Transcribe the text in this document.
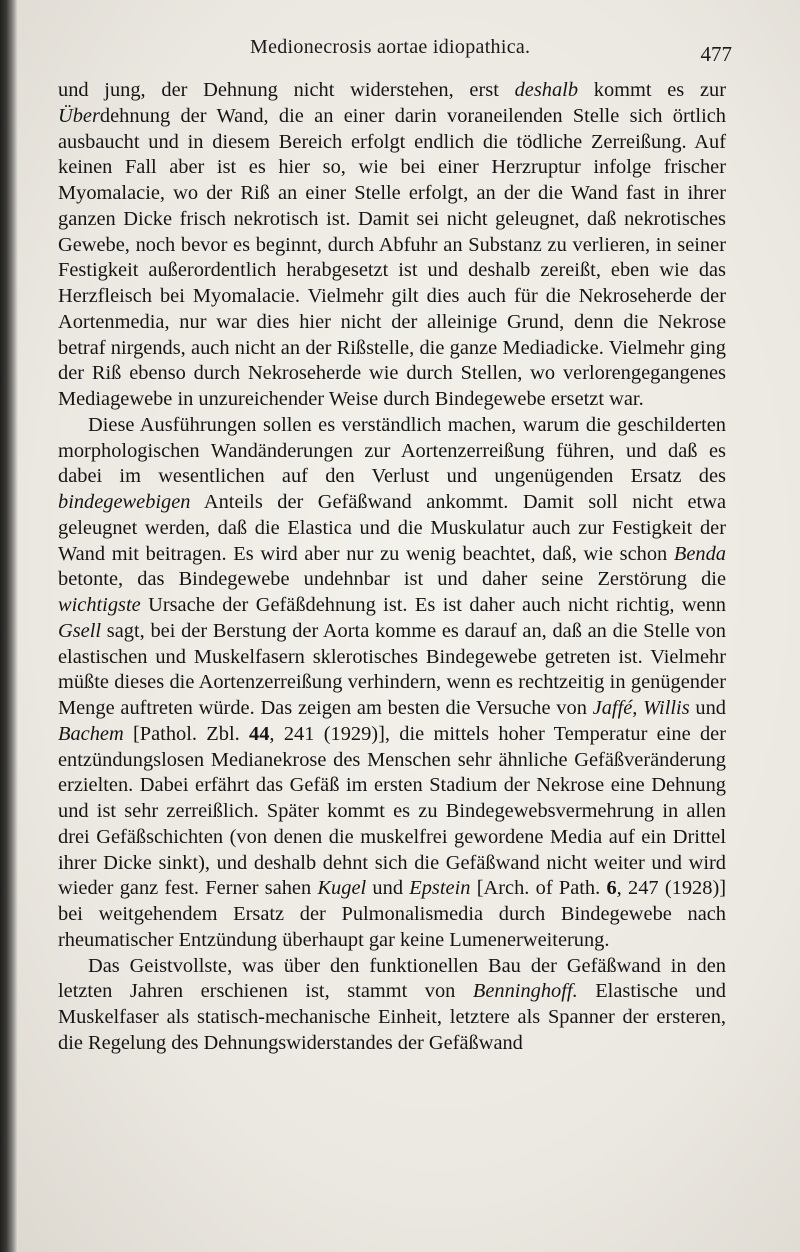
Medionecrosis aortae idiopathica.	477

und jung, der Dehnung nicht widerstehen, erst deshalb kommt es zur Überdehnung der Wand, die an einer darin voraneilenden Stelle sich örtlich ausbaucht und in diesem Bereich erfolgt endlich die tödliche Zerreißung. Auf keinen Fall aber ist es hier so, wie bei einer Herzruptur infolge frischer Myomalacie, wo der Riß an einer Stelle erfolgt, an der die Wand fast in ihrer ganzen Dicke frisch nekrotisch ist. Damit sei nicht geleugnet, daß nekrotisches Gewebe, noch bevor es beginnt, durch Abfuhr an Substanz zu verlieren, in seiner Festigkeit außerordentlich herabgesetzt ist und deshalb zereißt, eben wie das Herzfleisch bei Myomalacie. Vielmehr gilt dies auch für die Nekroseherde der Aortenmedia, nur war dies hier nicht der alleinige Grund, denn die Nekrose betraf nirgends, auch nicht an der Rißstelle, die ganze Mediadicke. Vielmehr ging der Riß ebenso durch Nekroseherde wie durch Stellen, wo verlorengegangenes Mediagewebe in unzureichender Weise durch Bindegewebe ersetzt war.

Diese Ausführungen sollen es verständlich machen, warum die geschilderten morphologischen Wandänderungen zur Aortenzerreißung führen, und daß es dabei im wesentlichen auf den Verlust und ungenügenden Ersatz des bindegewebigen Anteils der Gefäßwand ankommt. Damit soll nicht etwa geleugnet werden, daß die Elastica und die Muskulatur auch zur Festigkeit der Wand mit beitragen. Es wird aber nur zu wenig beachtet, daß, wie schon Benda betonte, das Bindegewebe undehnbar ist und daher seine Zerstörung die wichtigste Ursache der Gefäßdehnung ist. Es ist daher auch nicht richtig, wenn Gsell sagt, bei der Berstung der Aorta komme es darauf an, daß an die Stelle von elastischen und Muskelfasern sklerotisches Bindegewebe getreten ist. Vielmehr müßte dieses die Aortenzerreißung verhindern, wenn es rechtzeitig in genügender Menge auftreten würde. Das zeigen am besten die Versuche von Jaffé, Willis und Bachem [Pathol. Zbl. 44, 241 (1929)], die mittels hoher Temperatur eine der entzündungslosen Medianekrose des Menschen sehr ähnliche Gefäßveränderung erzielten. Dabei erfährt das Gefäß im ersten Stadium der Nekrose eine Dehnung und ist sehr zerreißlich. Später kommt es zu Bindegewebsvermehrung in allen drei Gefäßschichten (von denen die muskelfrei gewordene Media auf ein Drittel ihrer Dicke sinkt), und deshalb dehnt sich die Gefäßwand nicht weiter und wird wieder ganz fest. Ferner sahen Kugel und Epstein [Arch. of Path. 6, 247 (1928)] bei weitgehendem Ersatz der Pulmonalismedia durch Bindegewebe nach rheumatischer Entzündung überhaupt gar keine Lumenerweiterung.

Das Geistvollste, was über den funktionellen Bau der Gefäßwand in den letzten Jahren erschienen ist, stammt von Benninghoff. Elastische und Muskelfaser als statisch-mechanische Einheit, letztere als Spanner der ersteren, die Regelung des Dehnungswiderstandes der Gefäßwand
